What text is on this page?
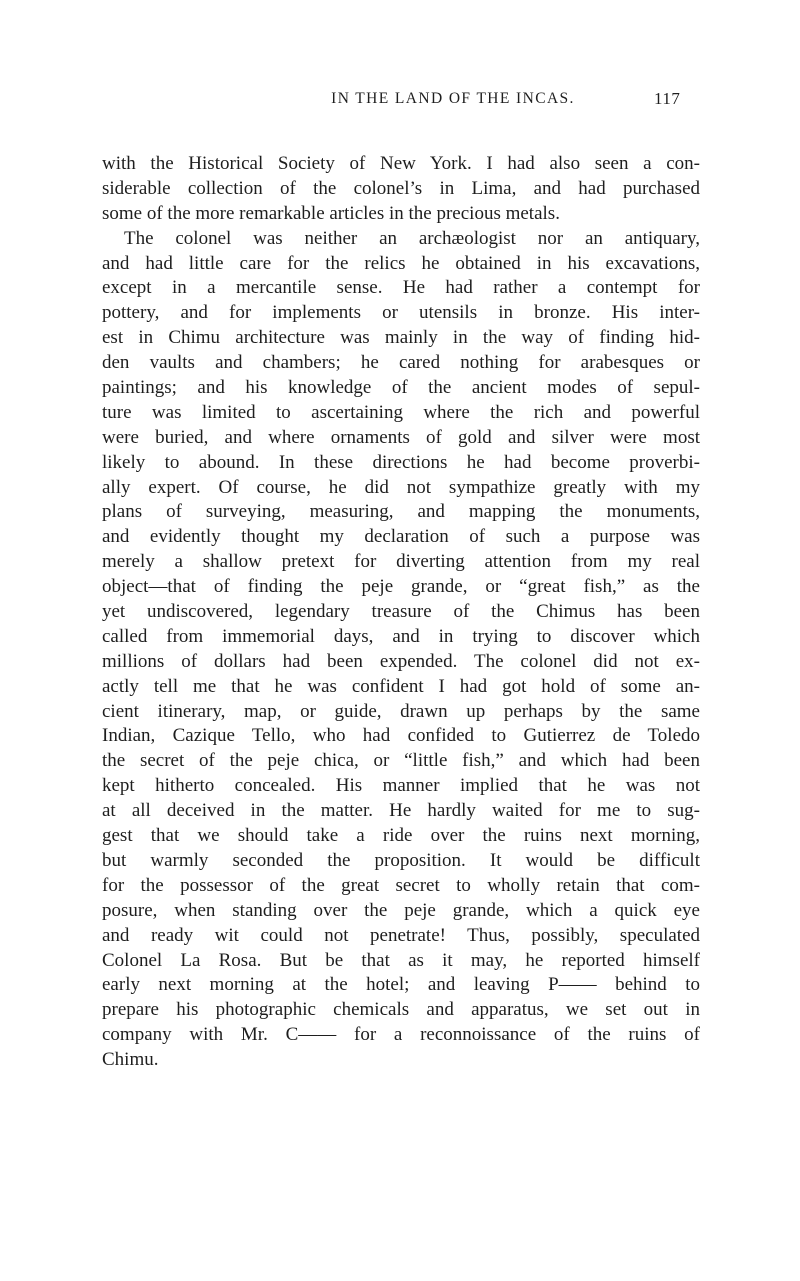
IN THE LAND OF THE INCAS.	117
with the Historical Society of New York. I had also seen a con-
siderable collection of the colonel’s in Lima, and had purchased
some of the more remarkable articles in the precious metals.
The colonel was neither an archæologist nor an antiquary,
and had little care for the relics he obtained in his excavations,
except in a mercantile sense. He had rather a contempt for
pottery, and for implements or utensils in bronze. His inter-
est in Chimu architecture was mainly in the way of finding hid-
den vaults and chambers; he cared nothing for arabesques or
paintings; and his knowledge of the ancient modes of sepul-
ture was limited to ascertaining where the rich and powerful
were buried, and where ornaments of gold and silver were most
likely to abound. In these directions he had become proverbi-
ally expert. Of course, he did not sympathize greatly with my
plans of surveying, measuring, and mapping the monuments,
and evidently thought my declaration of such a purpose was
merely a shallow pretext for diverting attention from my real
object—that of finding the peje grande, or “great fish,” as the
yet undiscovered, legendary treasure of the Chimus has been
called from immemorial days, and in trying to discover which
millions of dollars had been expended. The colonel did not ex-
actly tell me that he was confident I had got hold of some an-
cient itinerary, map, or guide, drawn up perhaps by the same
Indian, Cazique Tello, who had confided to Gutierrez de Toledo
the secret of the peje chica, or “little fish,” and which had been
kept hitherto concealed. His manner implied that he was not
at all deceived in the matter. He hardly waited for me to sug-
gest that we should take a ride over the ruins next morning,
but warmly seconded the proposition. It would be difficult
for the possessor of the great secret to wholly retain that com-
posure, when standing over the peje grande, which a quick eye
and ready wit could not penetrate! Thus, possibly, speculated
Colonel La Rosa. But be that as it may, he reported himself
early next morning at the hotel; and leaving P—— behind to
prepare his photographic chemicals and apparatus, we set out in
company with Mr. C—— for a reconnoissance of the ruins of
Chimu.
